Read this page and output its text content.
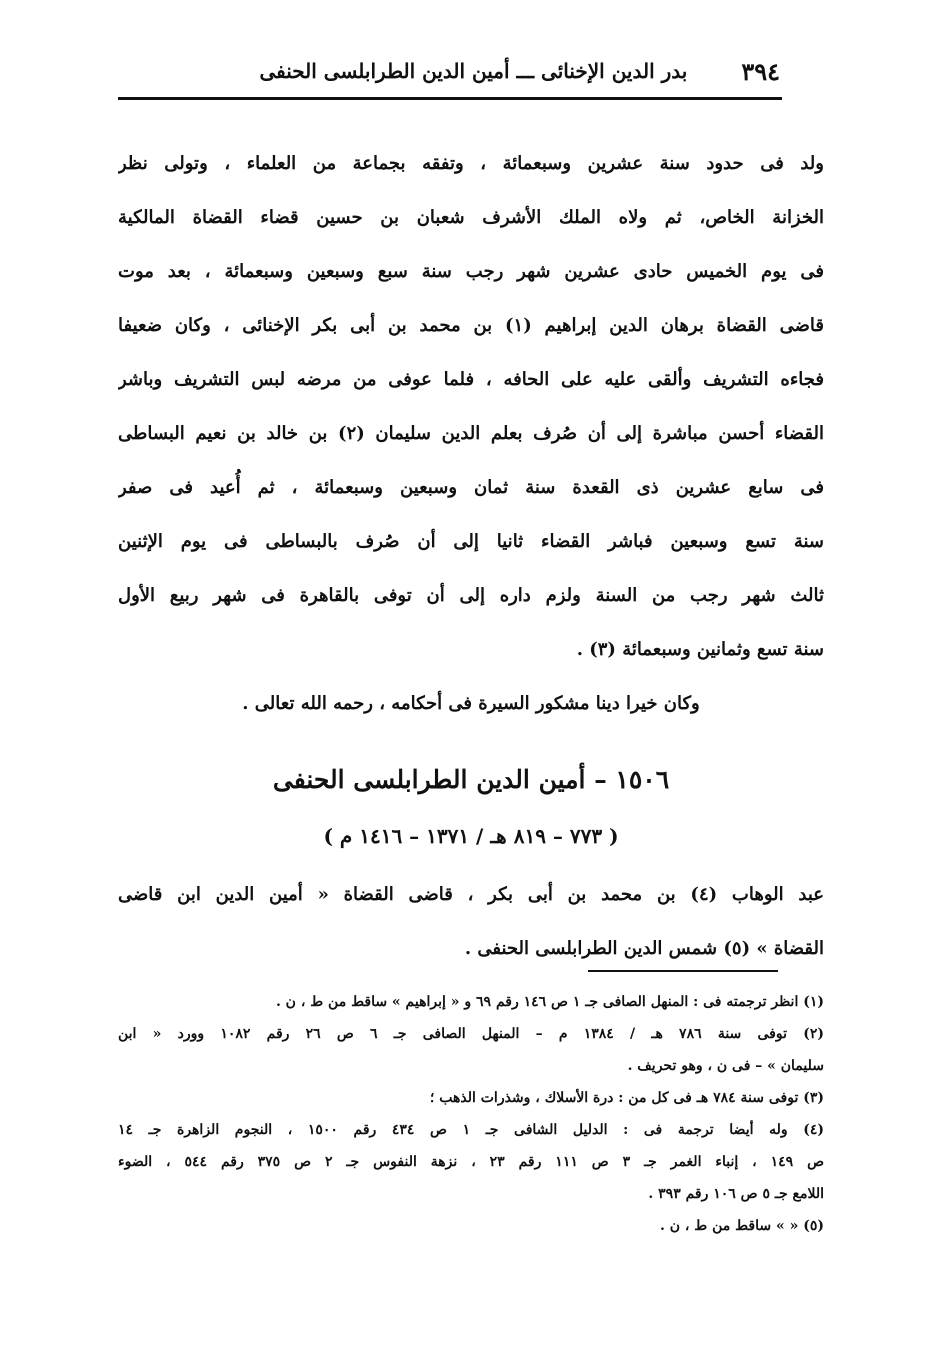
٣٩٤
بدر الدين الإخنائى ـــ أمين الدين الطرابلسى الحنفى
ولد فى حدود سنة عشرين وسبعمائة ، وتفقه بجماعة من العلماء ، وتولى نظر
الخزانة الخاص، ثم ولاه الملك الأشرف شعبان بن حسين قضاء القضاة المالكية
فى يوم الخميس حادى عشرين شهر رجب سنة سبع وسبعين وسبعمائة ، بعد موت
قاضى القضاة برهان الدين إبراهيم (١) بن محمد بن أبى بكر الإخنائى ، وكان ضعيفا
فجاءه التشريف وألقى عليه على الحافه ، فلما عوفى من مرضه لبس التشريف وباشر
القضاء أحسن مباشرة إلى أن صُرف بعلم الدين سليمان (٢) بن خالد بن نعيم البساطى
فى سابع عشرين ذى القعدة سنة ثمان وسبعين وسبعمائة ، ثم أُعيد فى صفر
سنة تسع وسبعين فباشر القضاء ثانيا إلى أن صُرف بالبساطى فى يوم الإثنين
ثالث شهر رجب من السنة ولزم داره إلى أن توفى بالقاهرة فى شهر ربيع الأول
سنة تسع وثمانين وسبعمائة (٣) .
وكان خيرا دينا مشكور السيرة فى أحكامه ، رحمه الله تعالى .
١٥٠٦ – أمين الدين الطرابلسى الحنفى
( ٧٧٣ – ٨١٩ هـ / ١٣٧١ – ١٤١٦ م )
عبد الوهاب (٤) بن محمد بن أبى بكر ، قاضى القضاة « أمين الدين ابن قاضى
القضاة » (٥) شمس الدين الطرابلسى الحنفى .
(١) انظر ترجمته فى : المنهل الصافى جـ ١ ص ١٤٦ رقم ٦٩ و « إبراهيم » ساقط من ط ، ن .
(٢) توفى سنة ٧٨٦ هـ / ١٣٨٤ م – المنهل الصافى جـ ٦ ص ٢٦ رقم ١٠٨٢ وورد « ابن
سليمان » – فى ن ، وهو تحريف .
(٣) توفى سنة ٧٨٤ هـ فى كل من : درة الأسلاك ، وشذرات الذهب ؛
(٤) وله أيضا ترجمة فى : الدليل الشافى جـ ١ ص ٤٣٤ رقم ١٥٠٠ ، النجوم الزاهرة جـ ١٤
ص ١٤٩ ، إنباء الغمر جـ ٣ ص ١١١ رقم ٢٣ ، نزهة النفوس جـ ٢ ص ٣٧٥ رقم ٥٤٤ ، الضوء
اللامع جـ ٥ ص ١٠٦ رقم ٣٩٣ .
(٥) « » ساقط من ط ، ن .
